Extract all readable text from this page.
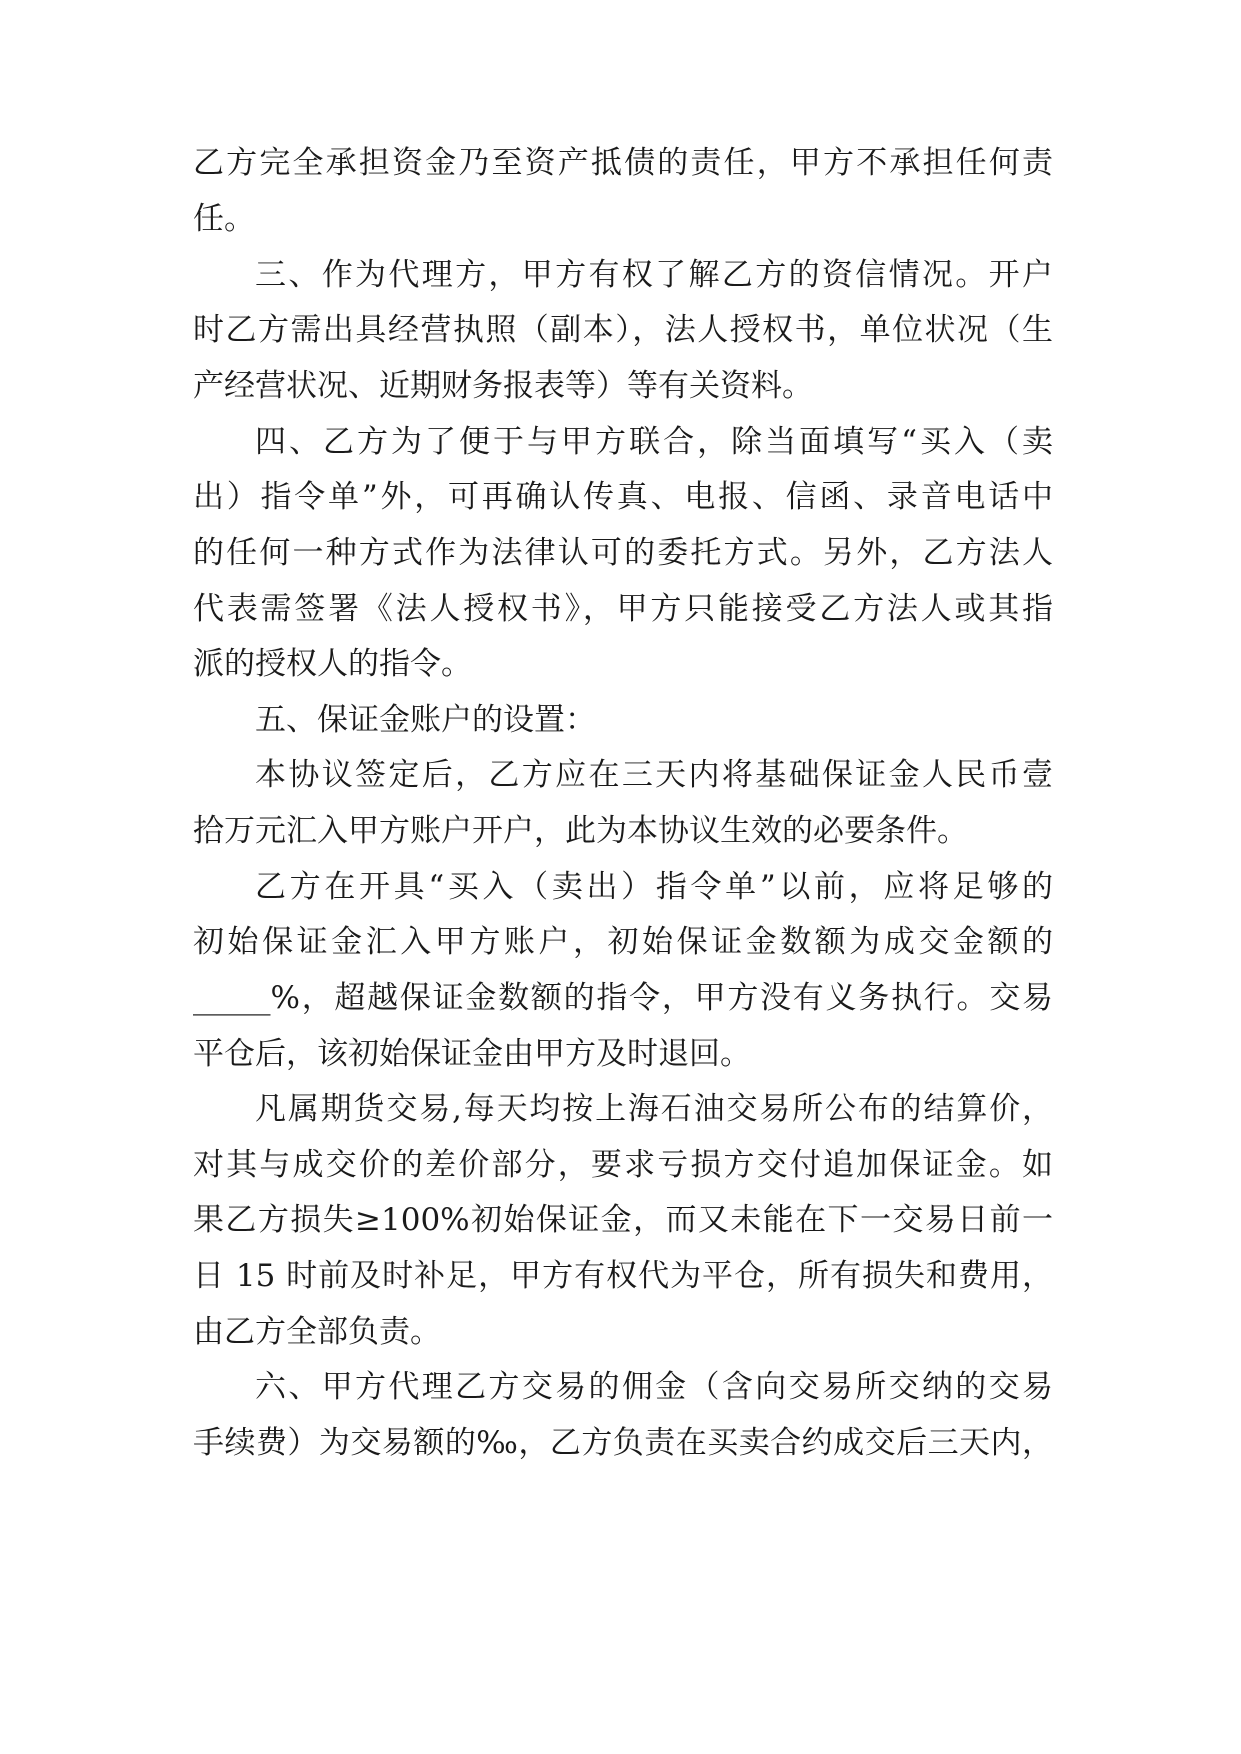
乙方完全承担资金乃至资产抵债的责任，甲方不承担任何责
任。
三、作为代理方，甲方有权了解乙方的资信情况。开户
时乙方需出具经营执照（副本），法人授权书，单位状况（生
产经营状况、近期财务报表等）等有关资料。
四、乙方为了便于与甲方联合，除当面填写“买入（卖
出）指令单”外，可再确认传真、电报、信函、录音电话中
的任何一种方式作为法律认可的委托方式。另外，乙方法人
代表需签署《法人授权书》，甲方只能接受乙方法人或其指
派的授权人的指令。
五、保证金账户的设置：
本协议签定后，乙方应在三天内将基础保证金人民币壹
拾万元汇入甲方账户开户，此为本协议生效的必要条件。
乙方在开具“买入（卖出）指令单”以前，应将足够的
初始保证金汇入甲方账户，初始保证金数额为成交金额的
_____%，超越保证金数额的指令，甲方没有义务执行。交易
平仓后，该初始保证金由甲方及时退回。
凡属期货交易,每天均按上海石油交易所公布的结算价，
对其与成交价的差价部分，要求亏损方交付追加保证金。如
果乙方损失≥100%初始保证金，而又未能在下一交易日前一
日 15 时前及时补足，甲方有权代为平仓，所有损失和费用，
由乙方全部负责。
六、甲方代理乙方交易的佣金（含向交易所交纳的交易
手续费）为交易额的‰，乙方负责在买卖合约成交后三天内，
